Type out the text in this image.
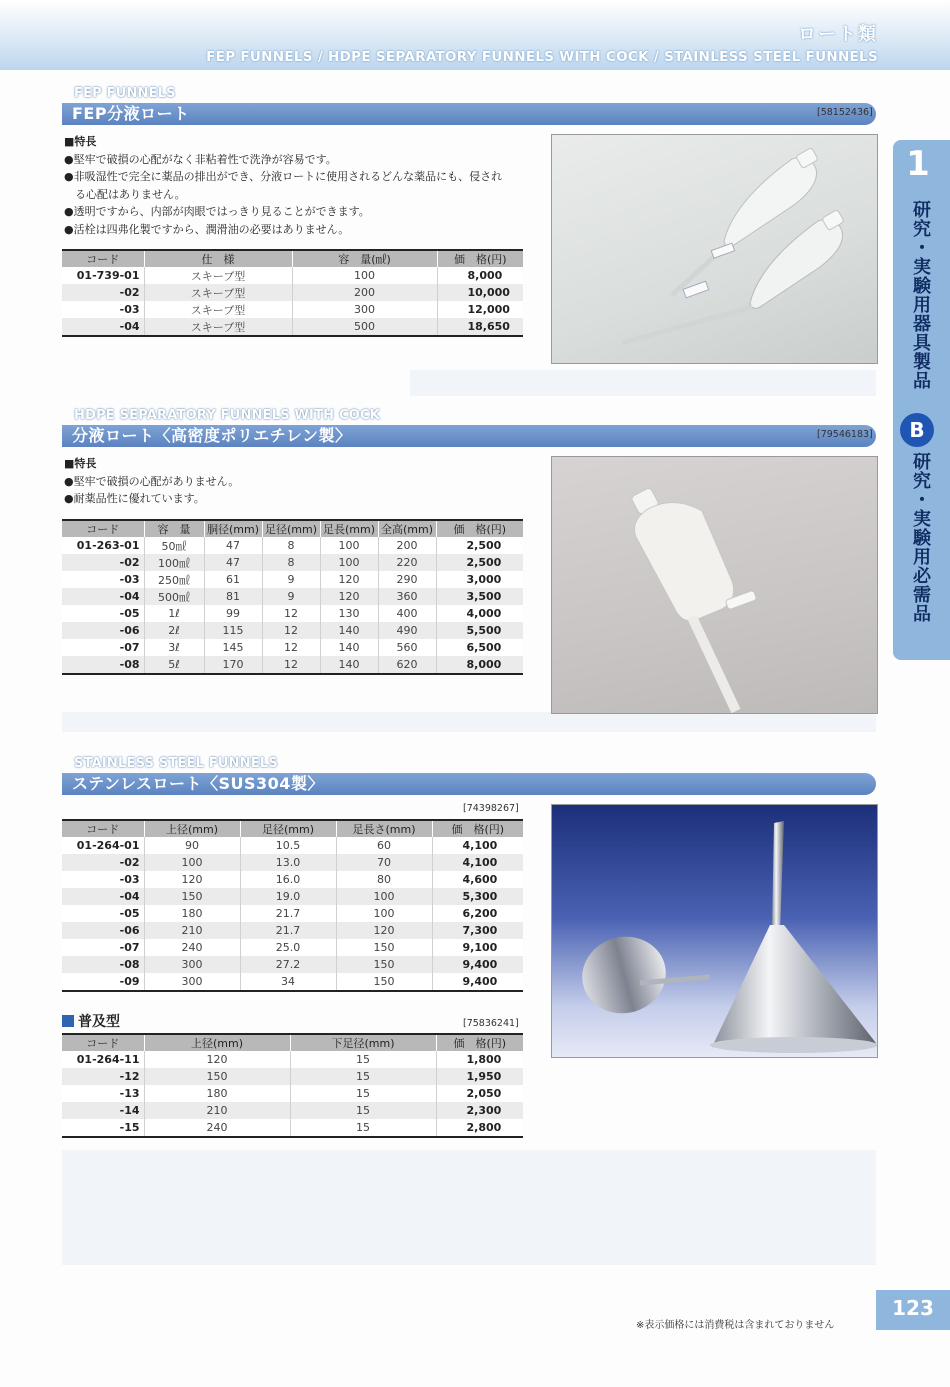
ロート類
FEP FUNNELS / HDPE SEPARATORY FUNNELS WITH COCK / STAINLESS STEEL FUNNELS
1
研究・実験用器具製品
B
研究・実験用必需品
FEP FUNNELS
FEP分液ロート	[58152436]
■特長
●堅牢で破損の心配がなく非粘着性で洗浄が容易です。
●非吸湿性で完全に薬品の排出ができ、分液ロートに使用されるどんな薬品にも、侵され
　る心配はありません。
●透明ですから、内部が肉眼ではっきり見ることができます。
●活栓は四弗化製ですから、潤滑油の必要はありません。
コード	仕　様	容　量(㎖)	価　格(円)
01-739-01	スキーブ型	100	8,000
-02	スキーブ型	200	10,000
-03	スキーブ型	300	12,000
-04	スキーブ型	500	18,650
HDPE SEPARATORY FUNNELS WITH COCK
分液ロート〈高密度ポリエチレン製〉	[79546183]
■特長
●堅牢で破損の心配がありません。
●耐薬品性に優れています。
コード	容　量	胴径(mm)	足径(mm)	足長(mm)	全高(mm)	価　格(円)
01-263-01	50㎖	47	8	100	200	2,500
-02	100㎖	47	8	100	220	2,500
-03	250㎖	61	9	120	290	3,000
-04	500㎖	81	9	120	360	3,500
-05	1ℓ	99	12	130	400	4,000
-06	2ℓ	115	12	140	490	5,500
-07	3ℓ	145	12	140	560	6,500
-08	5ℓ	170	12	140	620	8,000
STAINLESS STEEL FUNNELS
ステンレスロート〈SUS304製〉
[74398267]
コード	上径(mm)	足径(mm)	足長さ(mm)	価　格(円)
01-264-01	90	10.5	60	4,100
-02	100	13.0	70	4,100
-03	120	16.0	80	4,600
-04	150	19.0	100	5,300
-05	180	21.7	100	6,200
-06	210	21.7	120	7,300
-07	240	25.0	150	9,100
-08	300	27.2	150	9,400
-09	300	34	150	9,400
普及型	[75836241]
コード	上径(mm)	下足径(mm)	価　格(円)
01-264-11	120	15	1,800
-12	150	15	1,950
-13	180	15	2,050
-14	210	15	2,300
-15	240	15	2,800
123
※表示価格には消費税は含まれておりません
